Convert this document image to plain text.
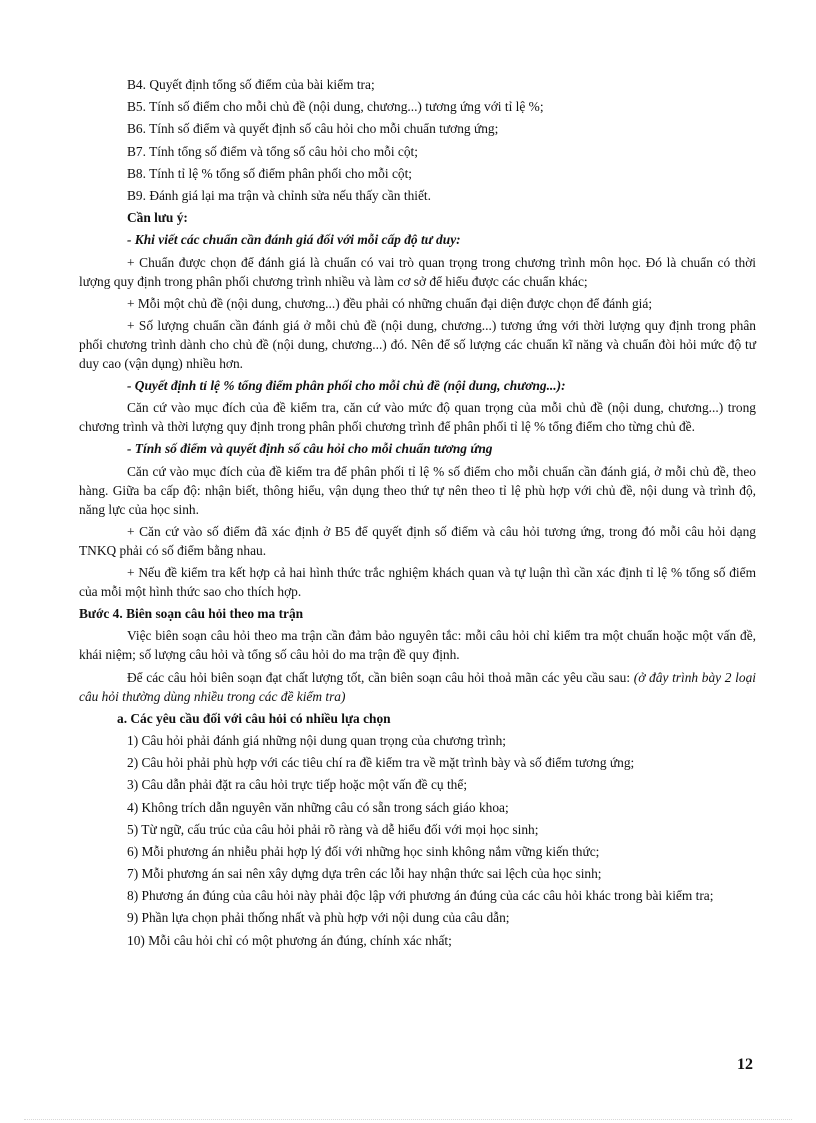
B4. Quyết định tổng số điểm của bài kiểm tra;

B5. Tính số điểm cho mỗi chủ đề (nội dung, chương...) tương ứng với tỉ lệ %;

B6. Tính số điểm và quyết định số câu hỏi cho mỗi chuẩn tương ứng;

B7. Tính tổng số điểm và tổng số câu hỏi cho mỗi cột;

B8. Tính tỉ lệ % tổng số điểm phân phối cho mỗi cột;

B9. Đánh giá lại ma trận và chỉnh sửa nếu thấy cần thiết.

Cần lưu ý:

- Khi viết các chuẩn cần đánh giá đối với mỗi cấp độ tư duy:

+ Chuẩn được chọn để đánh giá là chuẩn có vai trò quan trọng trong chương trình môn học. Đó là chuẩn có thời lượng quy định trong phân phối chương trình nhiều và làm cơ sở để hiểu được các chuẩn khác;

+ Mỗi một chủ đề (nội dung, chương...) đều phải có những chuẩn đại diện được chọn để đánh giá;

+ Số lượng chuẩn cần đánh giá ở mỗi chủ đề (nội dung, chương...) tương ứng với thời lượng quy định trong phân phối chương trình dành cho chủ đề (nội dung, chương...) đó. Nên để số lượng các chuẩn kĩ năng và chuẩn đòi hỏi mức độ tư duy cao (vận dụng) nhiều hơn.

- Quyết định tỉ lệ % tổng điểm phân phối cho mỗi chủ đề (nội dung, chương...):

Căn cứ vào mục đích của đề kiểm tra, căn cứ vào mức độ quan trọng của mỗi chủ đề (nội dung, chương...) trong chương trình và thời lượng quy định trong phân phối chương trình để phân phối tỉ lệ % tổng điểm cho từng chủ đề.

- Tính số điểm và quyết định số câu hỏi cho mỗi chuẩn tương ứng

Căn cứ vào mục đích của đề kiểm tra để phân phối tỉ lệ % số điểm cho mỗi chuẩn cần đánh giá, ở mỗi chủ đề, theo hàng. Giữa ba cấp độ: nhận biết, thông hiểu, vận dụng theo thứ tự nên theo tỉ lệ phù hợp với chủ đề, nội dung và trình độ, năng lực của học sinh.

+ Căn cứ vào số điểm đã xác định ở B5 để quyết định số điểm và câu hỏi tương ứng, trong đó mỗi câu hỏi dạng TNKQ phải có số điểm bằng nhau.

+ Nếu đề kiểm tra kết hợp cả hai hình thức trắc nghiệm khách quan và tự luận thì cần xác định tỉ lệ % tổng số điểm của mỗi một hình thức sao cho thích hợp.

Bước 4. Biên soạn câu hỏi theo ma trận

Việc biên soạn câu hỏi theo ma trận cần đảm bảo nguyên tắc: mỗi câu hỏi chỉ kiểm tra một chuẩn hoặc một vấn đề, khái niệm; số lượng câu hỏi và tổng số câu hỏi do ma trận đề quy định.

Để các câu hỏi biên soạn đạt chất lượng tốt, cần biên soạn câu hỏi thoả mãn các yêu cầu sau: (ở đây trình bày 2 loại câu hỏi thường dùng nhiều trong các đề kiểm tra)

a. Các yêu cầu đối với câu hỏi có nhiều lựa chọn

1) Câu hỏi phải đánh giá những nội dung quan trọng của chương trình;

2) Câu hỏi phải phù hợp với các tiêu chí ra đề kiểm tra về mặt trình bày và số điểm tương ứng;

3) Câu dẫn phải đặt ra câu hỏi trực tiếp hoặc một vấn đề cụ thể;

4) Không trích dẫn nguyên văn những câu có sẵn trong sách giáo khoa;

5) Từ ngữ, cấu trúc của câu hỏi phải rõ ràng và dễ hiểu đối với mọi học sinh;

6) Mỗi phương án nhiễu phải hợp lý đối với những học sinh không nắm vững kiến thức;

7) Mỗi phương án sai nên xây dựng dựa trên các lỗi hay nhận thức sai lệch của học sinh;

8) Phương án đúng của câu hỏi này phải độc lập với phương án đúng của các câu hỏi khác trong bài kiểm tra;

9) Phần lựa chọn phải thống nhất và phù hợp với nội dung của câu dẫn;

10) Mỗi câu hỏi chỉ có một phương án đúng, chính xác nhất;

12
